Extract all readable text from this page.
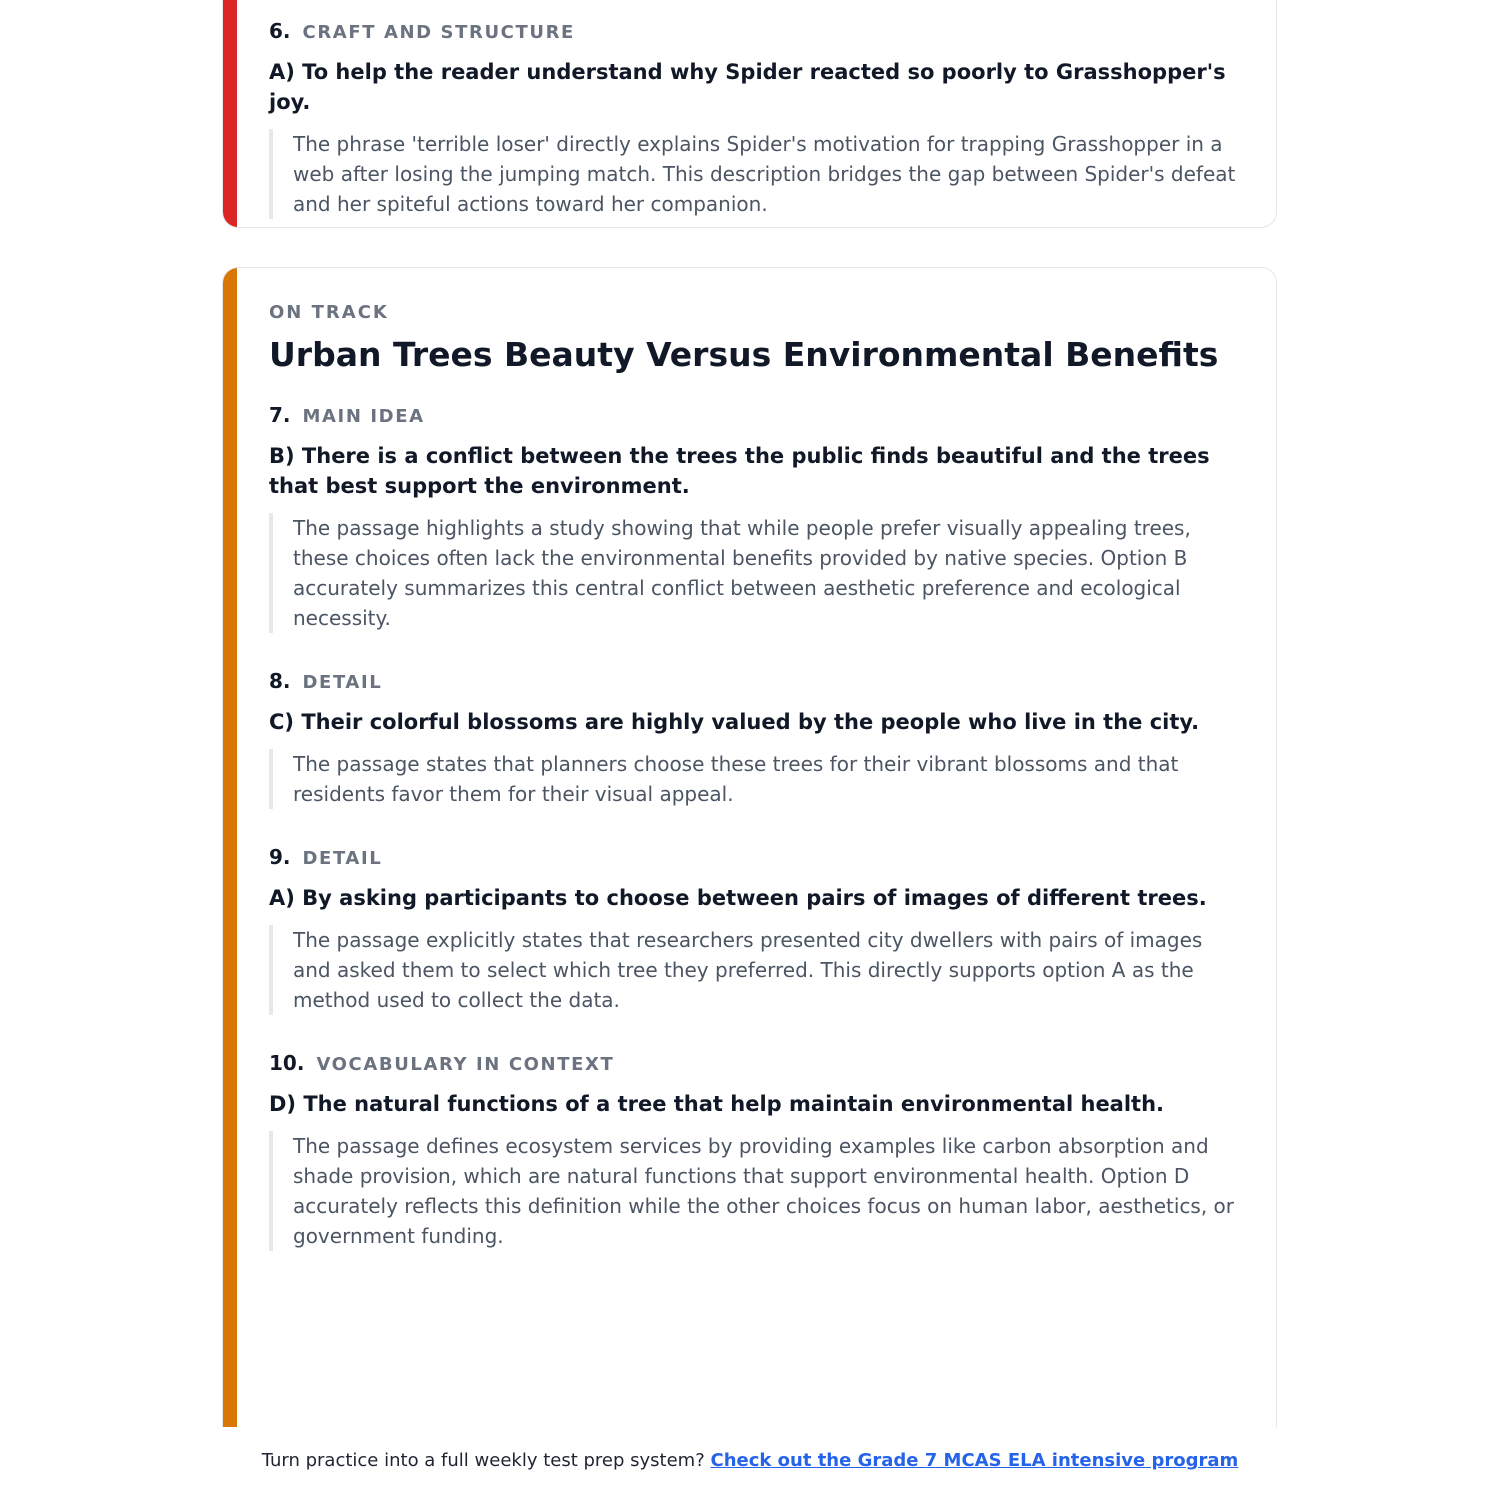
6. CRAFT AND STRUCTURE

A) To help the reader understand why Spider reacted so poorly to Grasshopper's joy.

The phrase 'terrible loser' directly explains Spider's motivation for trapping Grasshopper in a web after losing the jumping match. This description bridges the gap between Spider's defeat and her spiteful actions toward her companion.

ON TRACK
Urban Trees Beauty Versus Environmental Benefits
7. MAIN IDEA

B) There is a conflict between the trees the public finds beautiful and the trees that best support the environment.

The passage highlights a study showing that while people prefer visually appealing trees, these choices often lack the environmental benefits provided by native species. Option B accurately summarizes this central conflict between aesthetic preference and ecological necessity.

8. DETAIL

C) Their colorful blossoms are highly valued by the people who live in the city.

The passage states that planners choose these trees for their vibrant blossoms and that residents favor them for their visual appeal.

9. DETAIL

A) By asking participants to choose between pairs of images of different trees.

The passage explicitly states that researchers presented city dwellers with pairs of images and asked them to select which tree they preferred. This directly supports option A as the method used to collect the data.

10. VOCABULARY IN CONTEXT

D) The natural functions of a tree that help maintain environmental health.

The passage defines ecosystem services by providing examples like carbon absorption and shade provision, which are natural functions that support environmental health. Option D accurately reflects this definition while the other choices focus on human labor, aesthetics, or government funding.

Turn practice into a full weekly test prep system? Check out the Grade 7 MCAS ELA intensive program
